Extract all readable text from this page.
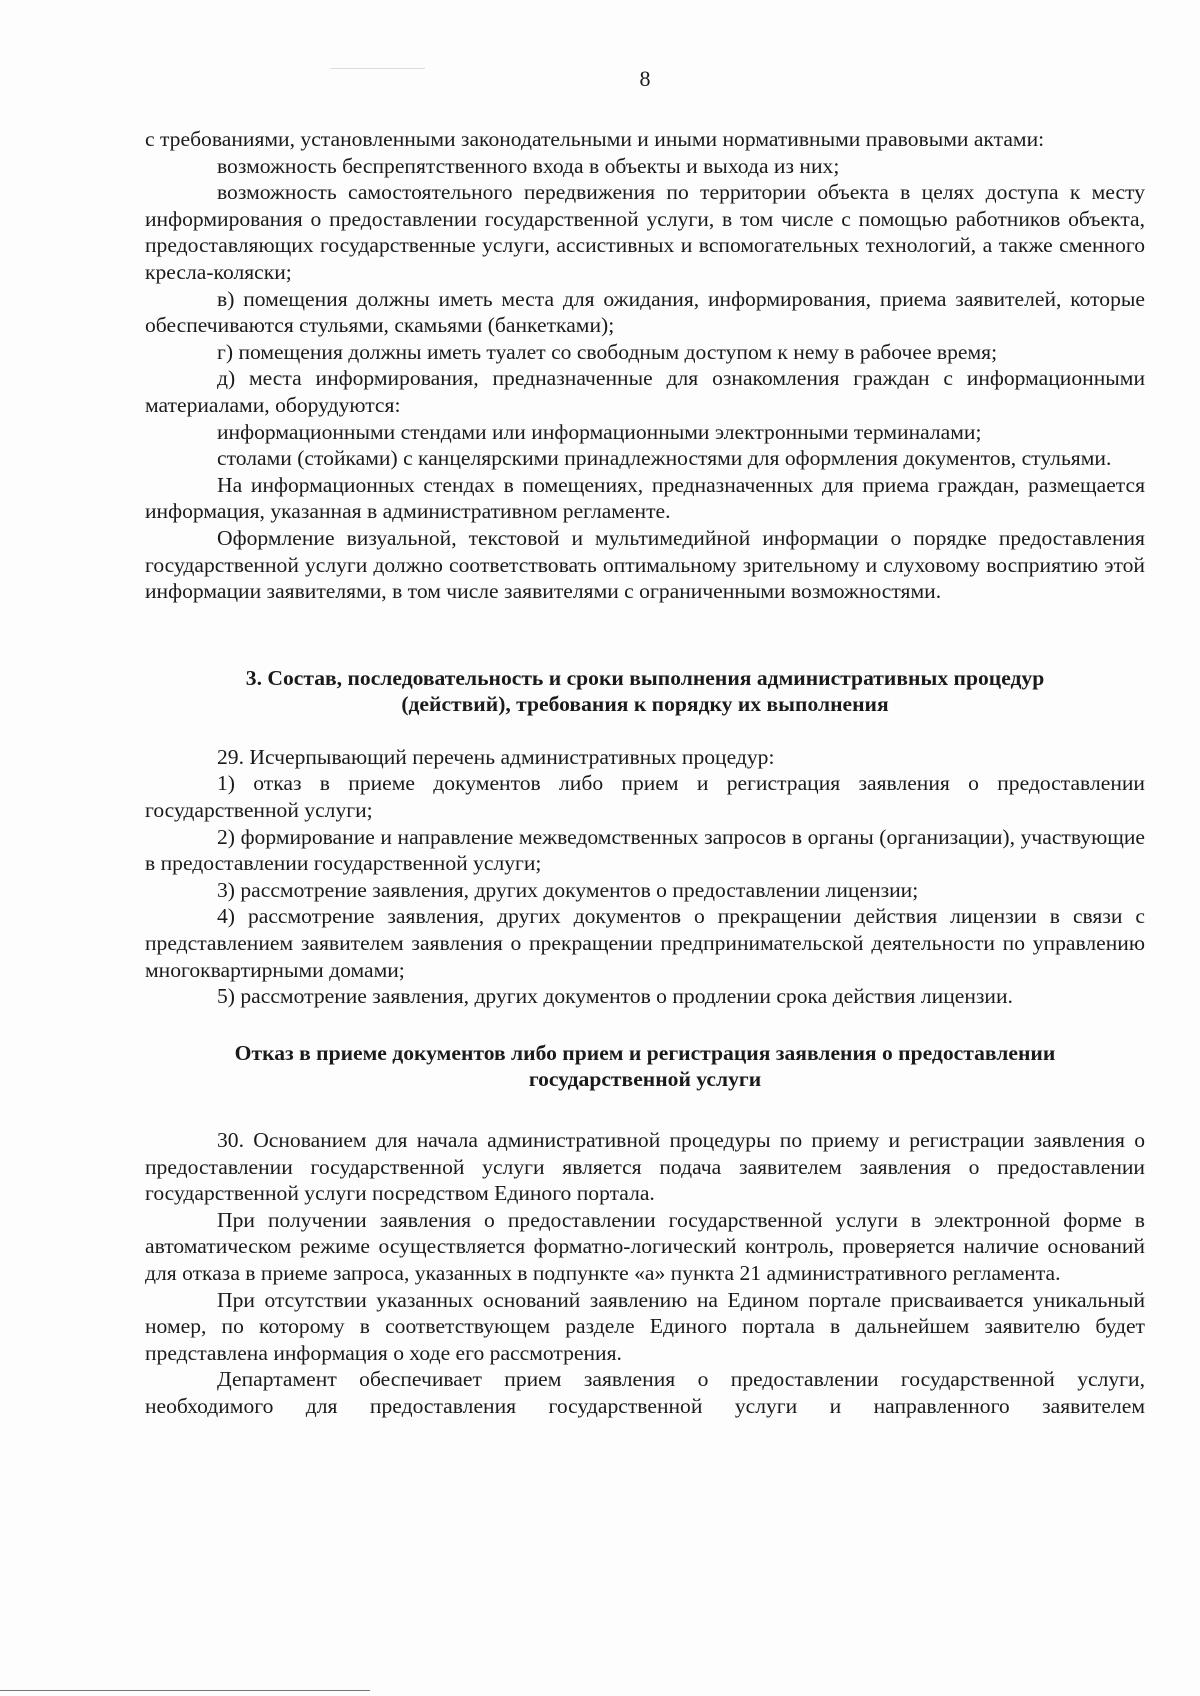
8

с требованиями, установленными законодательными и иными нормативными правовыми актами:

возможность беспрепятственного входа в объекты и выхода из них;

возможность самостоятельного передвижения по территории объекта в целях доступа к месту информирования о предоставлении государственной услуги, в том числе с помощью работников объекта, предоставляющих государственные услуги, ассистивных и вспомогательных технологий, а также сменного кресла-коляски;

в) помещения должны иметь места для ожидания, информирования, приема заявителей, которые обеспечиваются стульями, скамьями (банкетками);

г) помещения должны иметь туалет со свободным доступом к нему в рабочее время;

д) места информирования, предназначенные для ознакомления граждан с информационными материалами, оборудуются:

информационными стендами или информационными электронными терминалами;

столами (стойками) с канцелярскими принадлежностями для оформления документов, стульями.

На информационных стендах в помещениях, предназначенных для приема граждан, размещается информация, указанная в административном регламенте.

Оформление визуальной, текстовой и мультимедийной информации о порядке предоставления государственной услуги должно соответствовать оптимальному зрительному и слуховому восприятию этой информации заявителями, в том числе заявителями с ограниченными возможностями.

3. Состав, последовательность и сроки выполнения административных процедур

(действий), требования к порядку их выполнения

29. Исчерпывающий перечень административных процедур:

1) отказ в приеме документов либо прием и регистрация заявления о предоставлении государственной услуги;

2) формирование и направление межведомственных запросов в органы (организации), участвующие в предоставлении государственной услуги;

3) рассмотрение заявления, других документов о предоставлении лицензии;

4) рассмотрение заявления, других документов о прекращении действия лицензии в связи с представлением заявителем заявления о прекращении предпринимательской деятельности по управлению многоквартирными домами;

5) рассмотрение заявления, других документов о продлении срока действия лицензии.

Отказ в приеме документов либо прием и регистрация заявления о предоставлении

государственной услуги

30. Основанием для начала административной процедуры по приему и регистрации заявления о предоставлении государственной услуги является подача заявителем заявления о предоставлении государственной услуги посредством Единого портала.

При получении заявления о предоставлении государственной услуги в электронной форме в автоматическом режиме осуществляется форматно-логический контроль, проверяется наличие оснований для отказа в приеме запроса, указанных в подпункте «а» пункта 21 административного регламента.

При отсутствии указанных оснований заявлению на Едином портале присваивается уникальный номер, по которому в соответствующем разделе Единого портала в дальнейшем заявителю будет представлена информация о ходе его рассмотрения.

Департамент обеспечивает прием заявления о предоставлении государственной услуги, необходимого для предоставления государственной услуги и направленного заявителем
